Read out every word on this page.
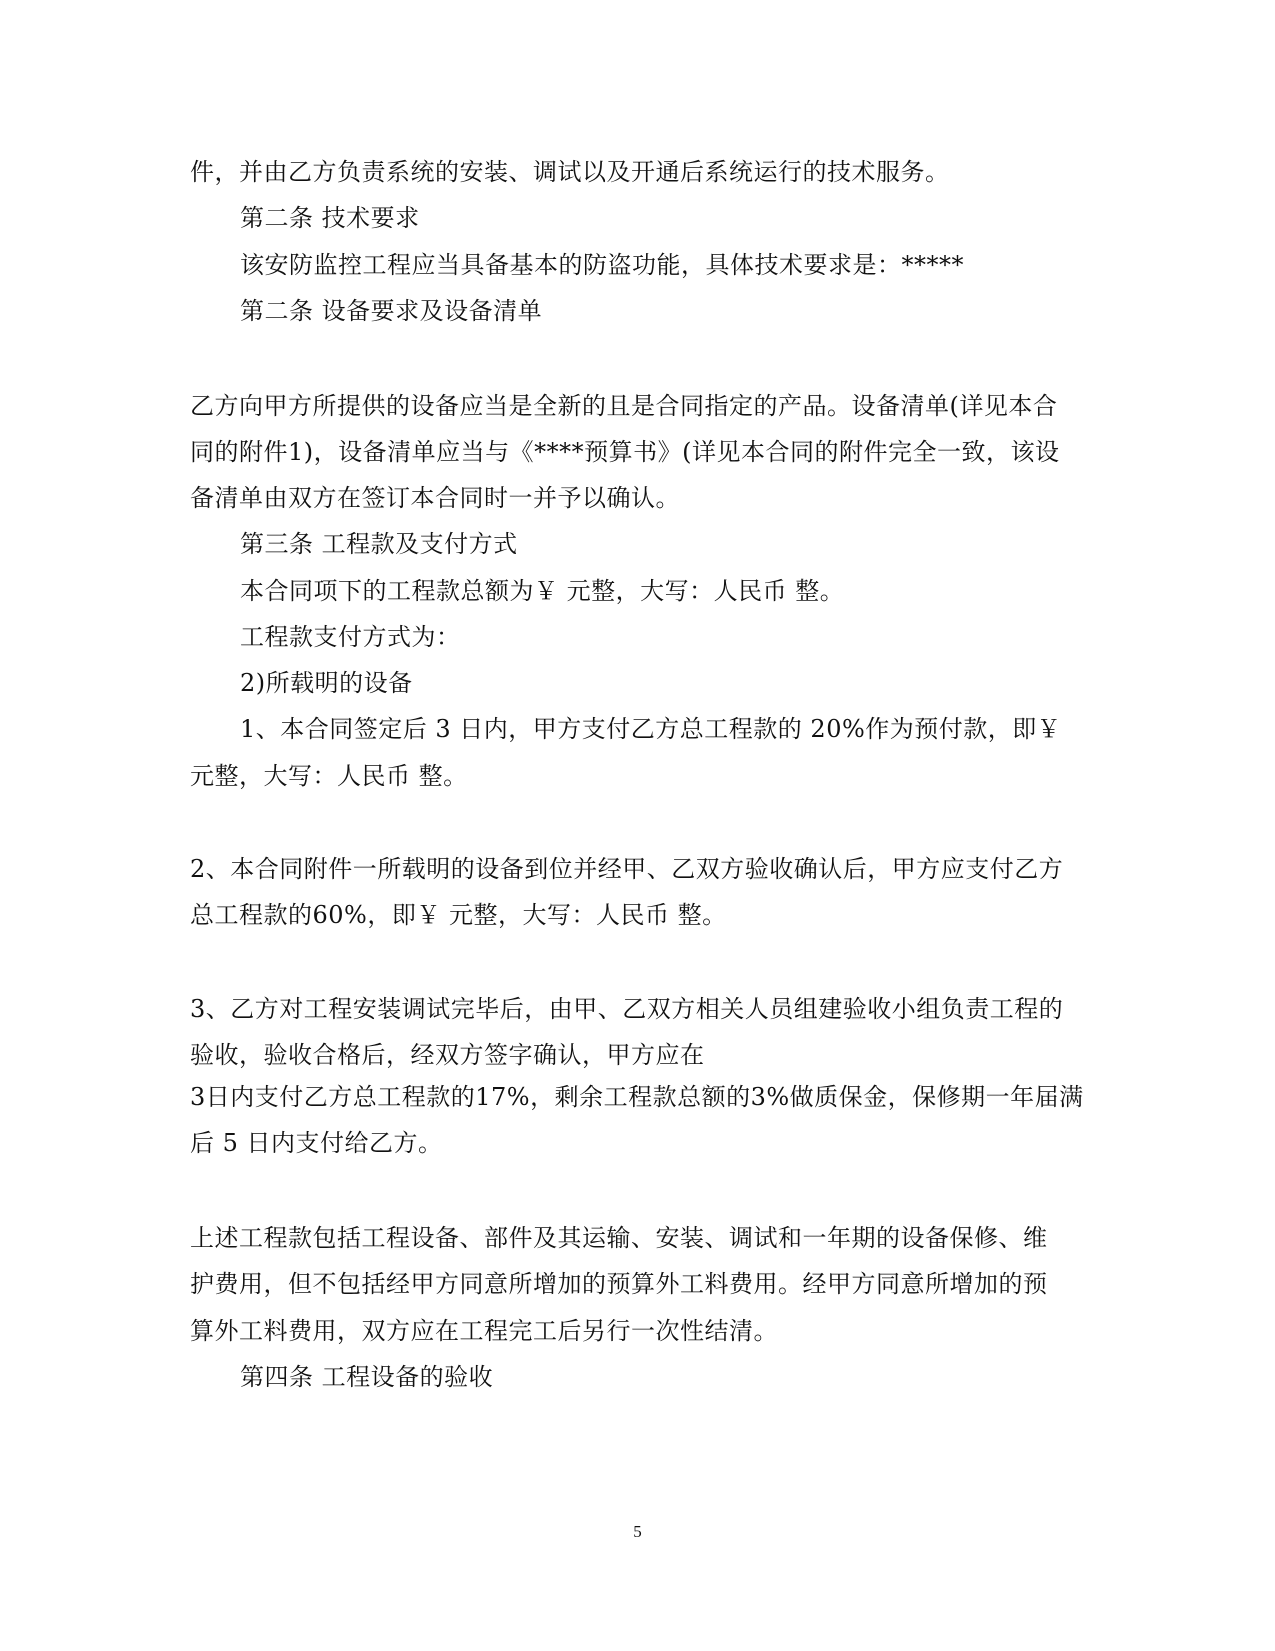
件，并由乙方负责系统的安装、调试以及开通后系统运行的技术服务。
第二条 技术要求
该安防监控工程应当具备基本的防盗功能，具体技术要求是：*****
第二条 设备要求及设备清单
乙方向甲方所提供的设备应当是全新的且是合同指定的产品。设备清单(详见本合
同的附件1)，设备清单应当与《****预算书》(详见本合同的附件完全一致，该设
备清单由双方在签订本合同时一并予以确认。
第三条 工程款及支付方式
本合同项下的工程款总额为￥ 元整，大写：人民币 整。
工程款支付方式为：
2)所载明的设备
1、本合同签定后 3 日内，甲方支付乙方总工程款的 20%作为预付款，即￥
元整，大写：人民币 整。
2、本合同附件一所载明的设备到位并经甲、乙双方验收确认后，甲方应支付乙方
总工程款的60%，即￥ 元整，大写：人民币 整。
3、乙方对工程安装调试完毕后，由甲、乙双方相关人员组建验收小组负责工程的
验收，验收合格后，经双方签字确认，甲方应在
3日内支付乙方总工程款的17%，剩余工程款总额的3%做质保金，保修期一年届满
后 5 日内支付给乙方。
上述工程款包括工程设备、部件及其运输、安装、调试和一年期的设备保修、维
护费用，但不包括经甲方同意所增加的预算外工料费用。经甲方同意所增加的预
算外工料费用，双方应在工程完工后另行一次性结清。
第四条 工程设备的验收
5
